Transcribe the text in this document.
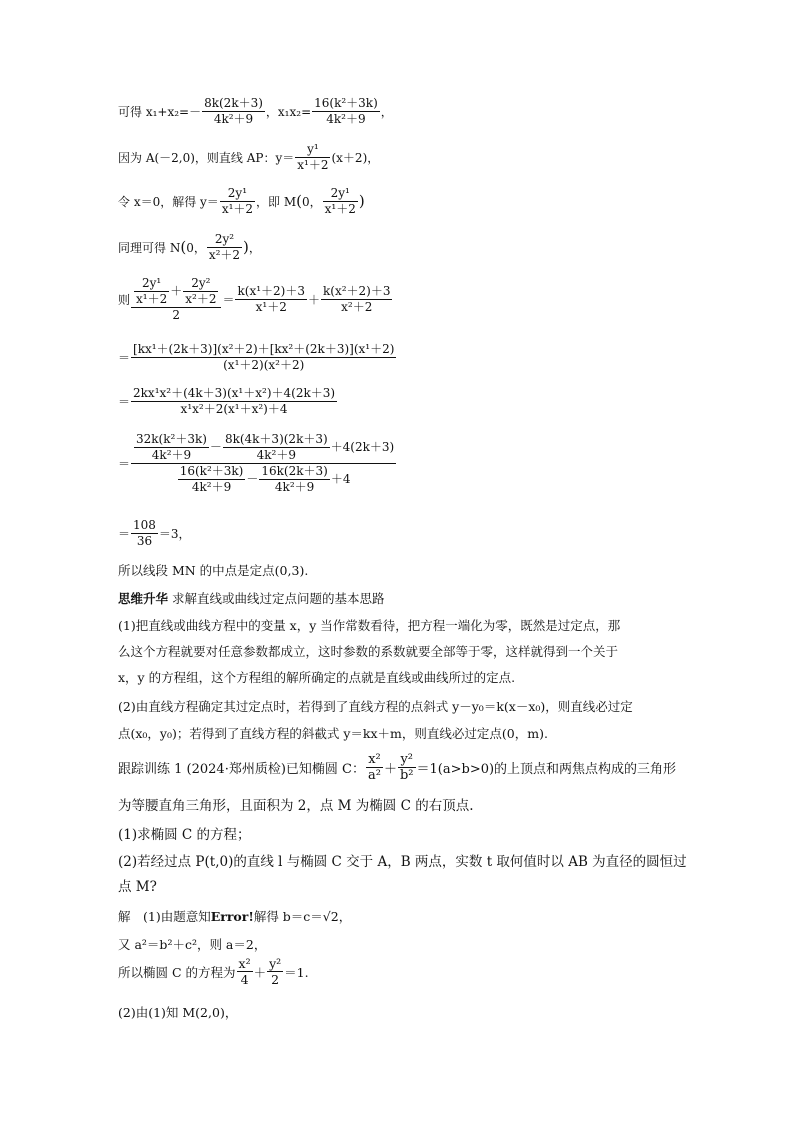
可得 $x_1+x_2=- \frac{8k(2k+3)}{\text{4k²＋9}}$ ，$x_1x_2= \frac{\text{16(k²＋3k)}}{\text{4k²＋9}}$ ，
因为 A(－2,0)，则直线 AP：$y= \frac{\text{y¹}}{\text{x¹＋2}} (x+2)$，
令 x＝0，解得 $y= \frac{\text{2y¹}}{\text{x¹＋2}}$ ，即 M ( 0， $\frac{\text{2y¹}}{\text{x¹＋2}}$ )
同理可得 N ( 0， $\frac{\text{2y²}}{\text{x²＋2}}$ ) ，
则 $\frac{\frac{\text{2y¹}}{\text{x¹＋2}} + \frac{\text{2y²}}{\text{x²＋2}}}{2} = \frac{\text{k(x¹＋2)＋3}}{\text{x¹＋2}} + \frac{\text{k(x²＋2)＋3}}{\text{x²＋2}}$
＝ $\frac{\text{[kx¹＋(2k＋3)](x²＋2)＋[kx²＋(2k＋3)](x¹＋2)}}{\text{(x¹＋2)(x²＋2)}}$
＝ $\frac{\text{2kx¹x²＋(4k＋3)(x¹＋x²)＋4(2k＋3)}}{\text{x¹x²＋2(x¹＋x²)＋4}}$
＝
$\frac{\text{32k(k²＋3k)}}{\text{4k²＋9}} - \frac{8k(4k+3)(2k+3)}{\text{4k²＋9}} +4(2k+3)$
$\frac{\text{16(k²＋3k)}}{\text{4k²＋9}} - \frac{16k(2k+3)}{\text{4k²＋9}} +4$
＝ $\frac{108}{36} =3$，
所以线段 MN 的中点是定点(0,3).
思维升华 求解直线或曲线过定点问题的基本思路
(1)把直线或曲线方程中的变量 x，y 当作常数看待，把方程一端化为零，既然是过定点，那
么这个方程就要对任意参数都成立，这时参数的系数就要全部等于零，这样就得到一个关于
x，y 的方程组，这个方程组的解所确定的点就是直线或曲线所过的定点.
(2)由直线方程确定其过定点时，若得到了直线方程的点斜式 y－y₀＝k(x－x₀)，则直线必过定
点(x₀，y₀)；若得到了直线方程的斜截式 y＝kx＋m，则直线必过定点(0，m).
跟踪训练 1 (2024·郑州质检)已知椭圆 C： $\frac{\text{x²}}{\text{a²}} + \frac{\text{y²}}{\text{b²}} =1(a>b>0)$的上顶点和两焦点构成的三角形
为等腰直角三角形，且面积为 2，点 M 为椭圆 C 的右顶点.
(1)求椭圆 C 的方程；
(2)若经过点 P(t,0)的直线 l 与椭圆 C 交于 A，B 两点，实数 t 取何值时以 AB 为直径的圆恒过
点 M?
解　(1)由题意知Error!解得 b＝c＝√2，
又 a²＝b²＋c²，则 a＝2，
所以椭圆 C 的方程为 $\frac{\text{x²}}{4} + \frac{\text{y²}}{2} =1$.
(2)由(1)知 M(2,0)，
